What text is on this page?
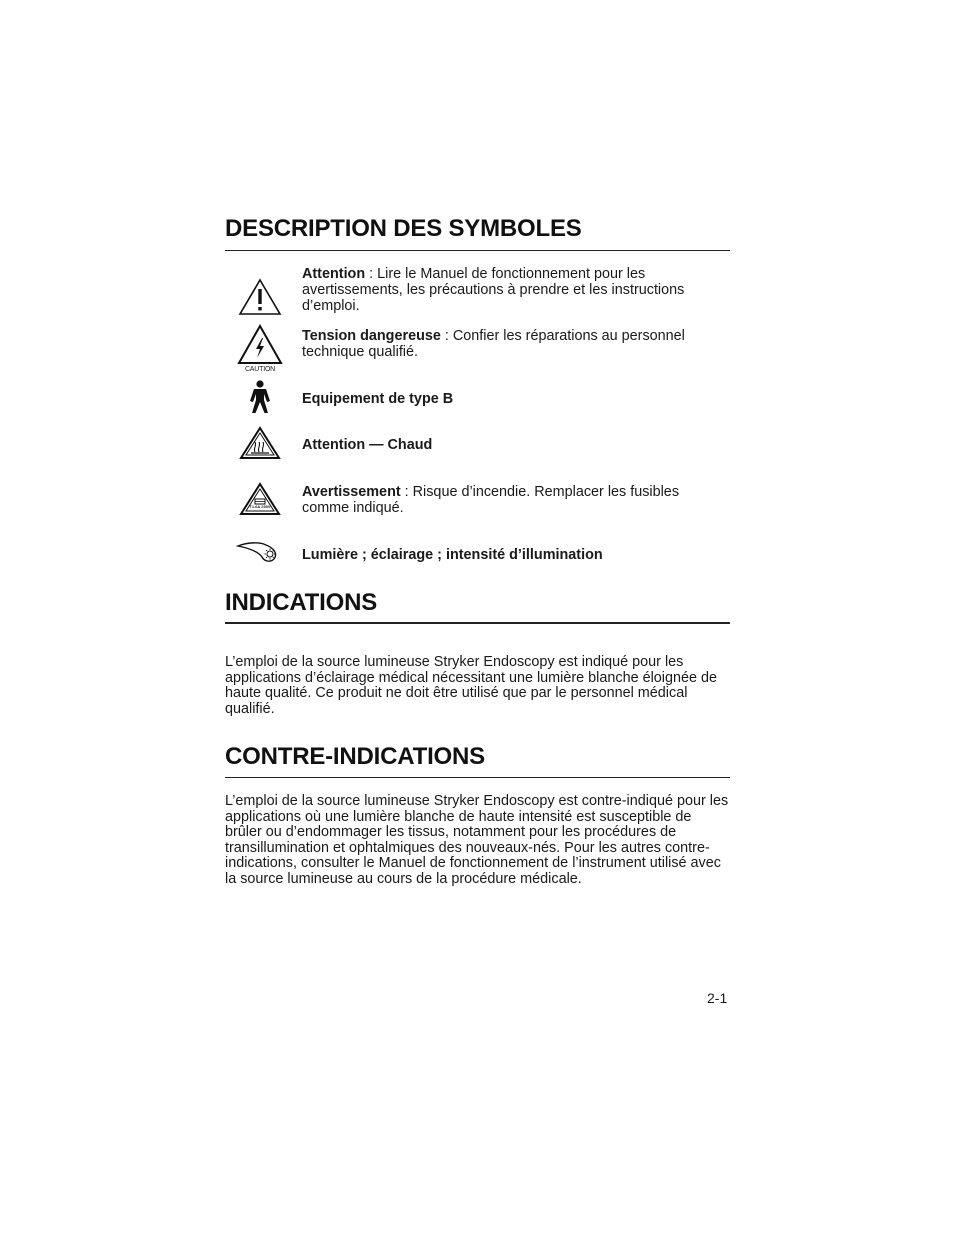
DESCRIPTION DES SYMBOLES
Attention : Lire le Manuel de fonctionnement pour les avertissements, les précautions à prendre et les instructions d’emploi.
CAUTION
Tension dangereuse : Confier les réparations au personnel technique qualifié.
Equipement de type B
Attention — Chaud
T1.6A 250V
Avertissement : Risque d’incendie. Remplacer les fusibles comme indiqué.
Lumière ; éclairage ; intensité d’illumination
INDICATIONS

L’emploi de la source lumineuse Stryker Endoscopy est indiqué pour les applications d’éclairage médical nécessitant une lumière blanche éloignée de haute qualité. Ce produit ne doit être utilisé que par le personnel médical qualifié.

CONTRE-INDICATIONS

L’emploi de la source lumineuse Stryker Endoscopy est contre-indiqué pour les applications où une lumière blanche de haute intensité est susceptible de brûler ou d’endommager les tissus, notamment pour les procédures de transillumination et ophtalmiques des nouveaux-nés. Pour les autres contre-indications, consulter le Manuel de fonctionnement de l’instrument utilisé avec la source lumineuse au cours de la procédure médicale.

2-1
